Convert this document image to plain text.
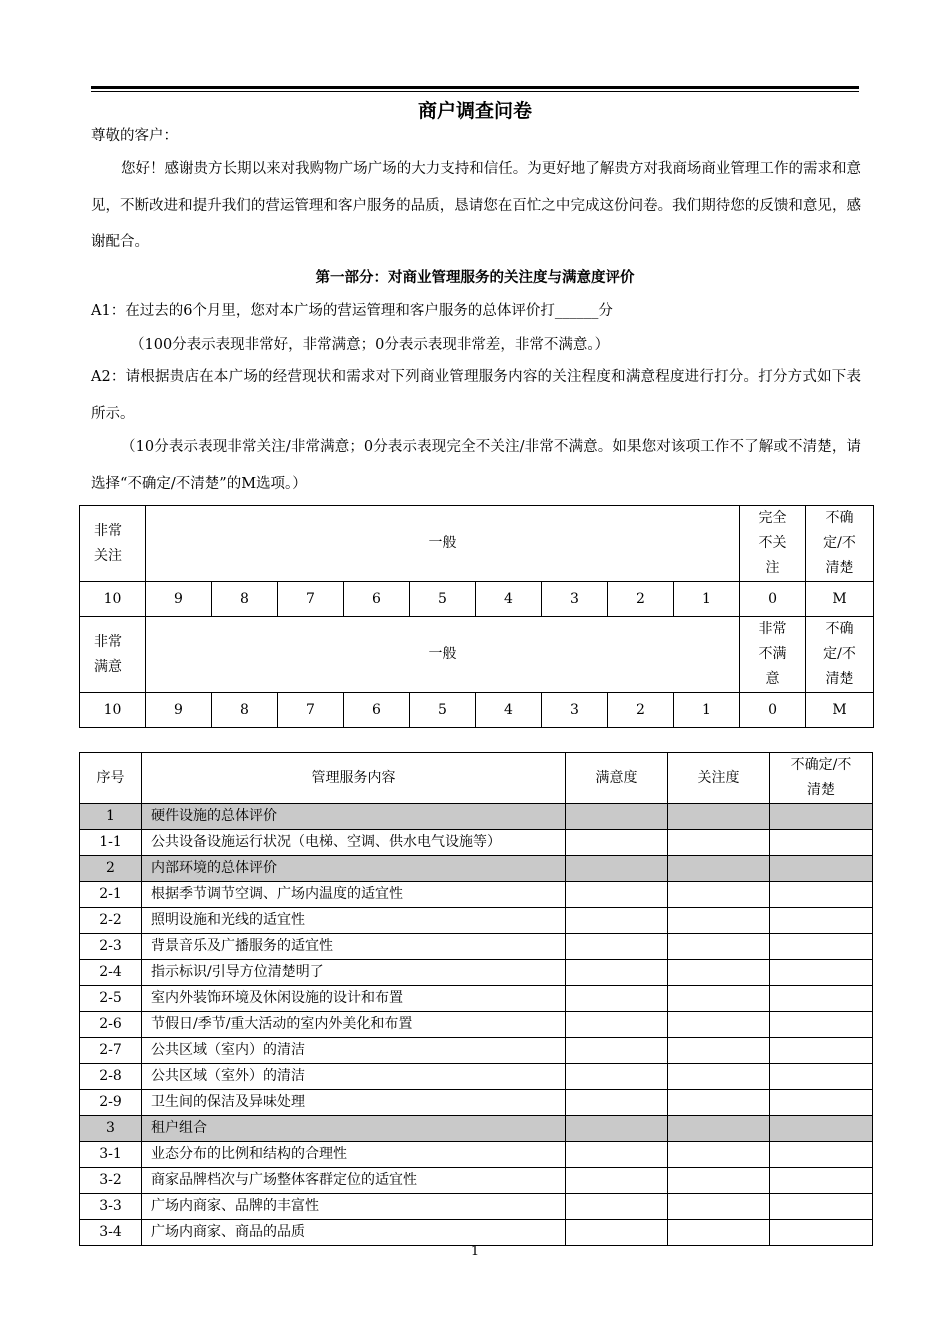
商户调查问卷
尊敬的客户：
您好！感谢贵方长期以来对我购物广场广场的大力支持和信任。为更好地了解贵方对我商场商业管理工作的需求和意见，不断改进和提升我们的营运管理和客户服务的品质，恳请您在百忙之中完成这份问卷。我们期待您的反馈和意见，感谢配合。
第一部分：对商业管理服务的关注度与满意度评价
A1：在过去的6个月里，您对本广场的营运管理和客户服务的总体评价打______分
（100分表示表现非常好，非常满意；0分表示表现非常差，非常不满意。）
A2：请根据贵店在本广场的经营现状和需求对下列商业管理服务内容的关注程度和满意程度进行打分。打分方式如下表所示。
（10分表示表现非常关注/非常满意；0分表示表现完全不关注/非常不满意。如果您对该项工作不了解或不清楚，请选择“不确定/不清楚”的M选项。）
非常关注	一般									完全不关注	不确定/不清楚

10	9	8	7	6	5	4	3	2	1	0	M

非常满意	一般									非常不满意	不确定/不清楚

10	9	8	7	6	5	4	3	2	1	0	M
序号	管理服务内容	满意度	关注度	不确定/不清楚

1	硬件设施的总体评价			
1-1	公共设备设施运行状况（电梯、空调、供水电气设施等）			
2	内部环境的总体评价			
2-1	根据季节调节空调、广场内温度的适宜性			
2-2	照明设施和光线的适宜性			
2-3	背景音乐及广播服务的适宜性			
2-4	指示标识/引导方位清楚明了			
2-5	室内外装饰环境及休闲设施的设计和布置			
2-6	节假日/季节/重大活动的室内外美化和布置			
2-7	公共区域（室内）的清洁			
2-8	公共区域（室外）的清洁			
2-9	卫生间的保洁及异味处理			
3	租户组合			
3-1	业态分布的比例和结构的合理性			
3-2	商家品牌档次与广场整体客群定位的适宜性			
3-3	广场内商家、品牌的丰富性			
3-4	广场内商家、商品的品质			
1
